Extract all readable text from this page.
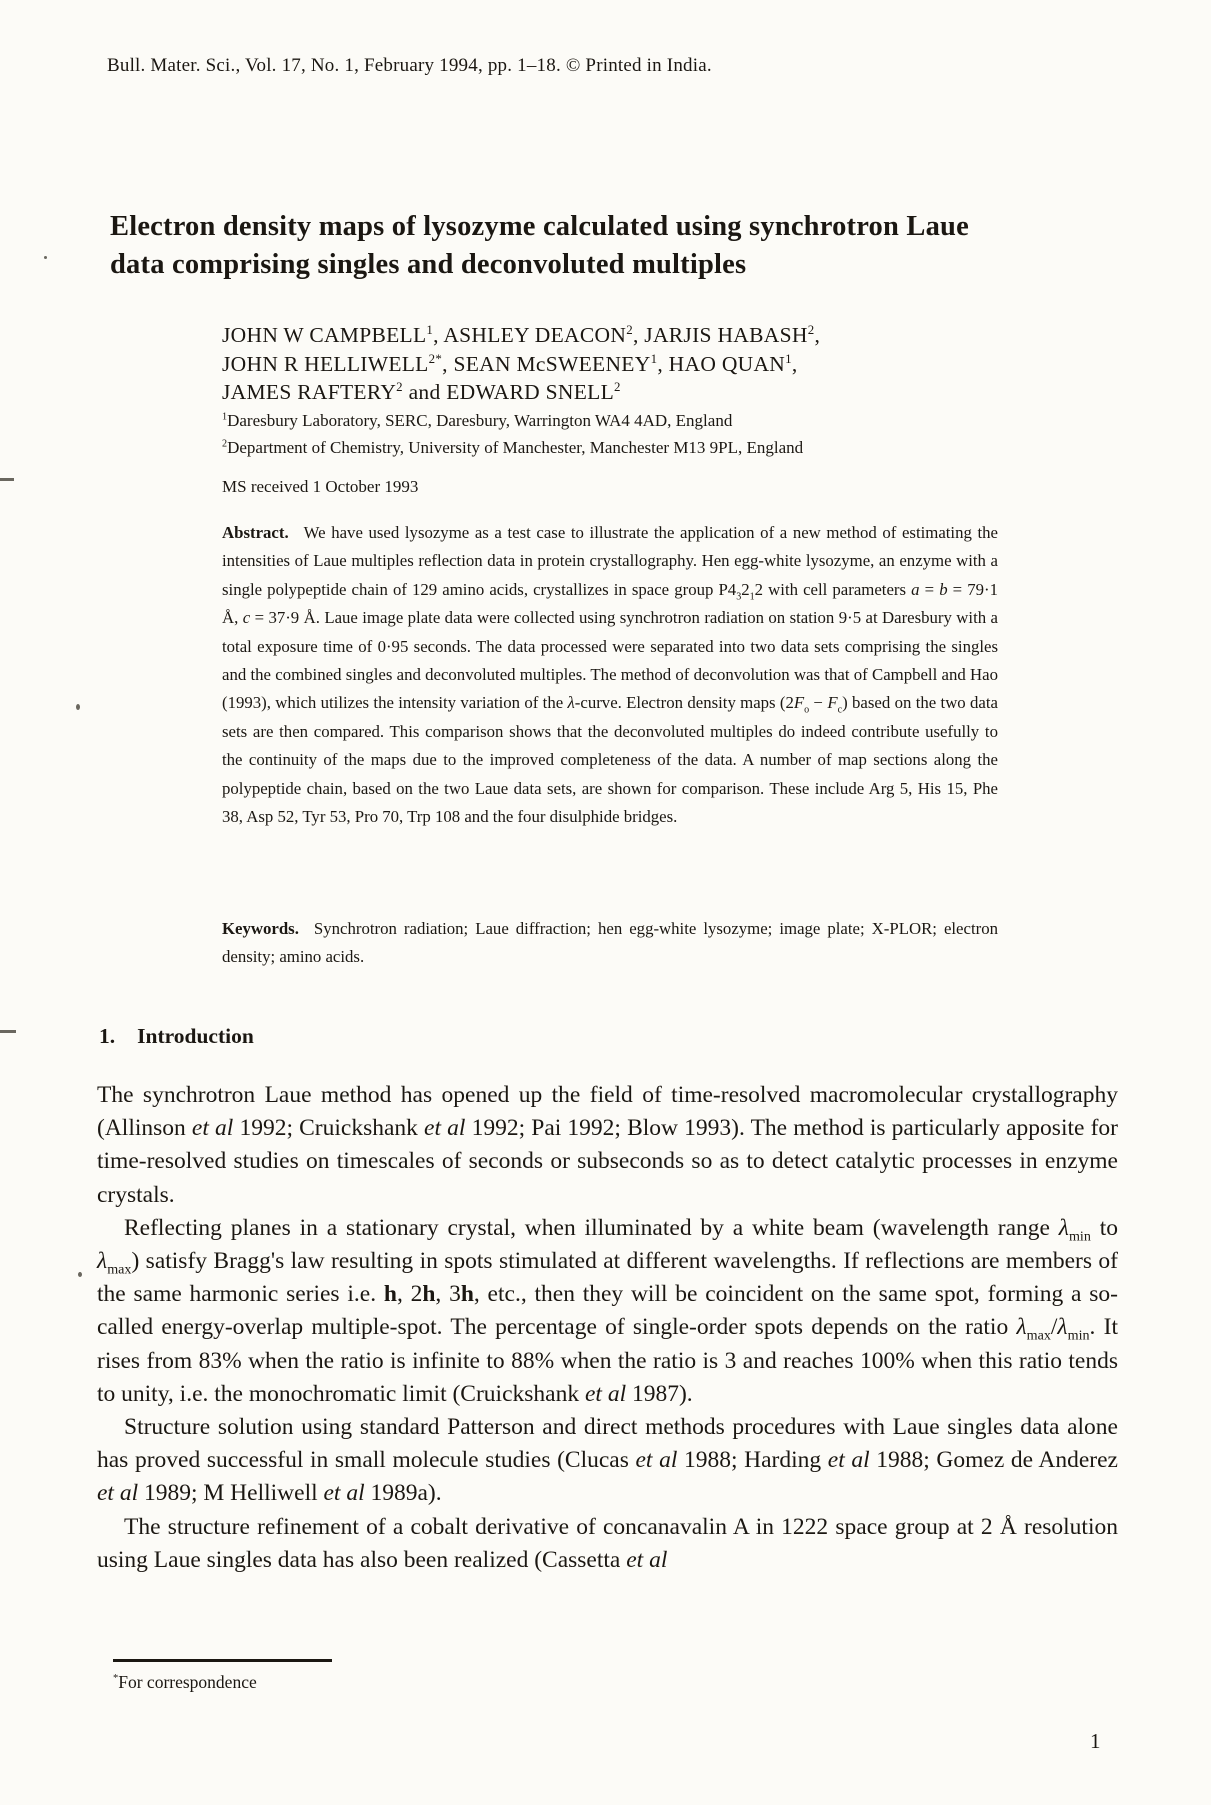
Bull. Mater. Sci., Vol. 17, No. 1, February 1994, pp. 1–18. © Printed in India.
Electron density maps of lysozyme calculated using synchrotron Laue
data comprising singles and deconvoluted multiples
JOHN W CAMPBELL$^1$, ASHLEY DEACON$^2$, JARJIS HABASH$^2$,
JOHN R $HELLIWELL^{2*}$, SEAN McSWEENEY$^1$, HAO QUAN$^1$,
JAMES RAFTERY$^2$ and EDWARD SNELL$^2$
$^1$Daresbury Laboratory, SERC, Daresbury, Warrington WA4 4AD, England
$^2$Department of Chemistry, University of Manchester, Manchester M13 9PL, England
MS received 1 October 1993

Abstract. We have used lysozyme as a test case to illustrate the application of a new method of estimating the intensities of Laue multiples reflection data in protein crystallography. Hen egg-white lysozyme, an enzyme with a single polypeptide chain of 129 amino acids, crystallizes in space group $P4_32_12$ with cell parameters a = b = 79·1 Å, c = 37·9 Å. Laue image plate data were collected using synchrotron radiation on station 9·5 at Daresbury with a total exposure time of 0·95 seconds. The data processed were separated into two data sets comprising the singles and the combined singles and deconvoluted multiples. The method of deconvolution was that of Campbell and Hao (1993), which utilizes the intensity variation of the λ-curve. Electron density maps $(2F_o - F_c)$ based on the two data sets are then compared. This comparison shows that the deconvoluted multiples do indeed contribute usefully to the continuity of the maps due to the improved completeness of the data. A number of map sections along the polypeptide chain, based on the two Laue data sets, are shown for comparison. These include Arg 5, His 15, Phe 38, Asp 52, Tyr 53, Pro 70, Trp 108 and the four disulphide bridges.

Keywords. Synchrotron radiation; Laue diffraction; hen egg-white lysozyme; image plate; X-PLOR; electron density; amino acids.

1. Introduction

The synchrotron Laue method has opened up the field of time-resolved macromolecular crystallography (Allinson et al 1992; Cruickshank et al 1992; Pai 1992; Blow 1993). The method is particularly apposite for time-resolved studies on timescales of seconds or subseconds so as to detect catalytic processes in enzyme crystals.

Reflecting planes in a stationary crystal, when illuminated by a white beam (wavelength range $\lambda_{min}$ to $\lambda_{max}$) satisfy Bragg's law resulting in spots stimulated at different wavelengths. If reflections are members of the same harmonic series i.e. h, 2h, 3h, etc., then they will be coincident on the same spot, forming a so-called energy-overlap multiple-spot. The percentage of single-order spots depends on the ratio $\lambda_{max}/\lambda_{min}$. It rises from 83% when the ratio is infinite to 88% when the ratio is 3 and reaches 100% when this ratio tends to unity, i.e. the monochromatic limit (Cruickshank et al 1987).

Structure solution using standard Patterson and direct methods procedures with Laue singles data alone has proved successful in small molecule studies (Clucas et al 1988; Harding et al 1988; Gomez de Anderez et al 1989; M Helliwell et al 1989a).

The structure refinement of a cobalt derivative of concanavalin A in 1222 space group at 2 Å resolution using Laue singles data has also been realized (Cassetta et al

*For correspondence
1
